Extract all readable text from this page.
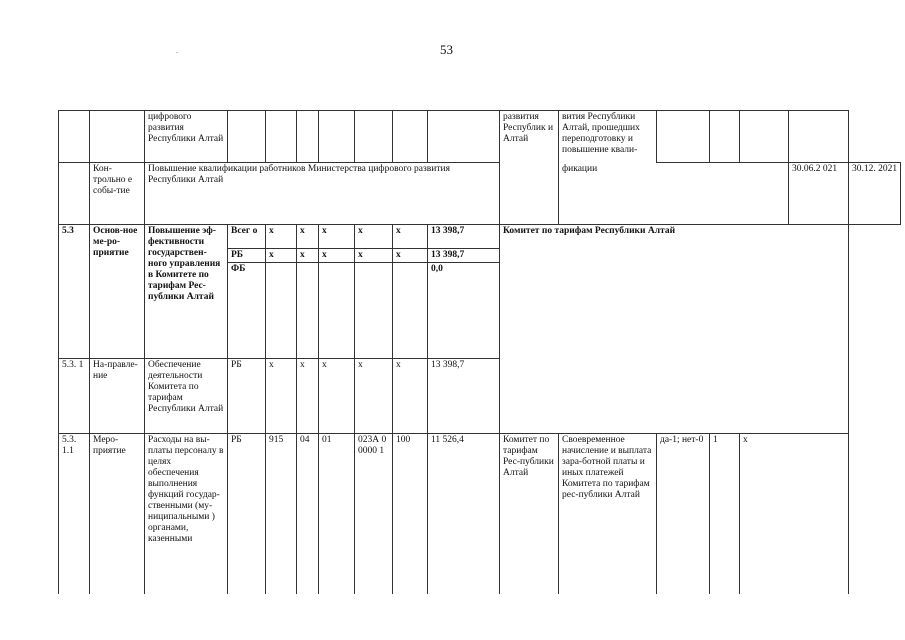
.	53
		цифрового развития Республики Алтай								развития Республик и Алтай	вития Республики Алтай, прошедших переподготовку и повышение квали-					
	Кон-трольно е собы-тие	Повышение квалификации работников Министерства цифрового развития Республики Алтай									фикации				30.06.2 021	30.12. 2021
5.3	Основ-ное ме-ро-приятие	Повышение эф-фективности государствен-ного управления в Комитете по тарифам Рес-публики Алтай	Всег о	x	x	x	x	x	13 398,7	Комитет по тарифам Республики Алтай						
			РБ	x	x	x	x	x	13 398,7							
			ФБ						0,0							
5.3. 1	На-правле-ние	Обеспечение деятельности Комитета по тарифам Республики Алтай	РБ	x	x	x	x	x	13 398,7							
5.3. 1.1	Меро-приятие	Расходы на вы-платы персоналу в целях обеспечения выполнения функций государ-ственными (му-ниципальными ) органами, казенными	РБ	915	04	01	023А 0 0000 1	100	11 526,4	Комитет по тарифам Рес-публики Алтай	Своевременное начисление и выплата зара-ботной платы и иных платежей Комитета по тарифам рес-публики Алтай	да-1; нет-0	1	x		
